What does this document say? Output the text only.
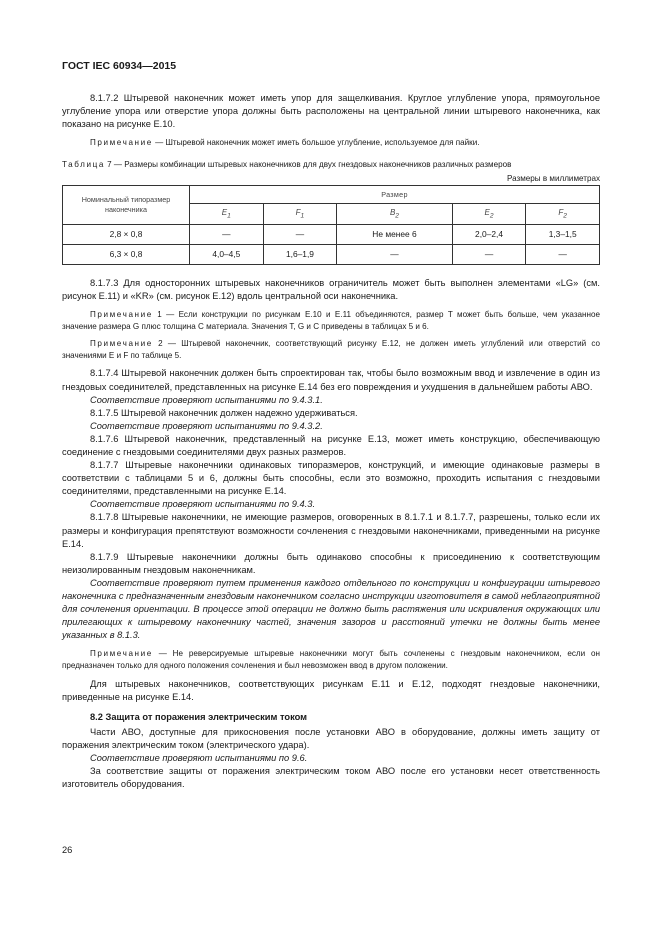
ГОСТ IEC 60934—2015

8.1.7.2 Штыревой наконечник может иметь упор для защелкивания. Круглое углубление упора, прямоугольное углубление упора или отверстие упора должны быть расположены на центральной линии штыревого наконечника, как показано на рисунке Е.10.

Примечание — Штыревой наконечник может иметь большое углубление, используемое для пайки.

Таблица 7 — Размеры комбинации штыревых наконечников для двух гнездовых наконечников различных размеров
Размеры в миллиметрах
Номинальный типоразмер наконечника	Размер				
	$E_1$	$F_1$	$B_2$	$E_2$	$F_2$
2,8 × 0,8	—	—	Не менее 6	2,0–2,4	1,3–1,5
6,3 × 0,8	4,0–4,5	1,6–1,9	—	—	—

8.1.7.3 Для односторонних штыревых наконечников ограничитель может быть выполнен элементами «LG» (см. рисунок Е.11) и «KR» (см. рисунок Е.12) вдоль центральной оси наконечника.

Примечание 1 — Если конструкции по рисункам Е.10 и Е.11 объединяются, размер T может быть больше, чем указанное значение размера G плюс толщина C материала. Значения T, G и C приведены в таблицах 5 и 6.

Примечание 2 — Штыревой наконечник, соответствующий рисунку Е.12, не должен иметь углублений или отверстий со значениями E и F по таблице 5.

8.1.7.4 Штыревой наконечник должен быть спроектирован так, чтобы было возможным ввод и извлечение в один из гнездовых соединителей, представленных на рисунке Е.14 без его повреждения и ухудшения в дальнейшем работы АВО.

Соответствие проверяют испытаниями по 9.4.3.1.

8.1.7.5 Штыревой наконечник должен надежно удерживаться.

Соответствие проверяют испытаниями по 9.4.3.2.

8.1.7.6 Штыревой наконечник, представленный на рисунке Е.13, может иметь конструкцию, обеспечивающую соединение с гнездовыми соединителями двух разных размеров.

8.1.7.7 Штыревые наконечники одинаковых типоразмеров, конструкций, и имеющие одинаковые размеры в соответствии с таблицами 5 и 6, должны быть способны, если это возможно, проходить испытания с гнездовыми соединителями, представленными на рисунке Е.14.

Соответствие проверяют испытаниями по 9.4.3.

8.1.7.8 Штыревые наконечники, не имеющие размеров, оговоренных в 8.1.7.1 и 8.1.7.7, разрешены, только если их размеры и конфигурация препятствуют возможности сочленения с гнездовыми наконечниками, приведенными на рисунке Е.14.

8.1.7.9 Штыревые наконечники должны быть одинаково способны к присоединению к соответствующим неизолированным гнездовым наконечникам.

Соответствие проверяют путем применения каждого отдельного по конструкции и конфигурации штыревого наконечника с предназначенным гнездовым наконечником согласно инструкции изготовителя в самой неблагоприятной для сочленения ориентации. В процессе этой операции не должно быть растяжения или искривления окружающих или прилегающих к штыревому наконечнику частей, значения зазоров и расстояний утечки не должны быть менее указанных в 8.1.3.

Примечание — Не реверсируемые штыревые наконечники могут быть сочленены с гнездовым наконечником, если он предназначен только для одного положения сочленения и был невозможен ввод в другом положении.

Для штыревых наконечников, соответствующих рисункам Е.11 и Е.12, подходят гнездовые наконечники, приведенные на рисунке Е.14.

8.2 Защита от поражения электрическим током

Части АВО, доступные для прикосновения после установки АВО в оборудование, должны иметь защиту от поражения электрическим током (электрического удара).

Соответствие проверяют испытаниями по 9.6.

За соответствие защиты от поражения электрическим током АВО после его установки несет ответственность изготовитель оборудования.

26
